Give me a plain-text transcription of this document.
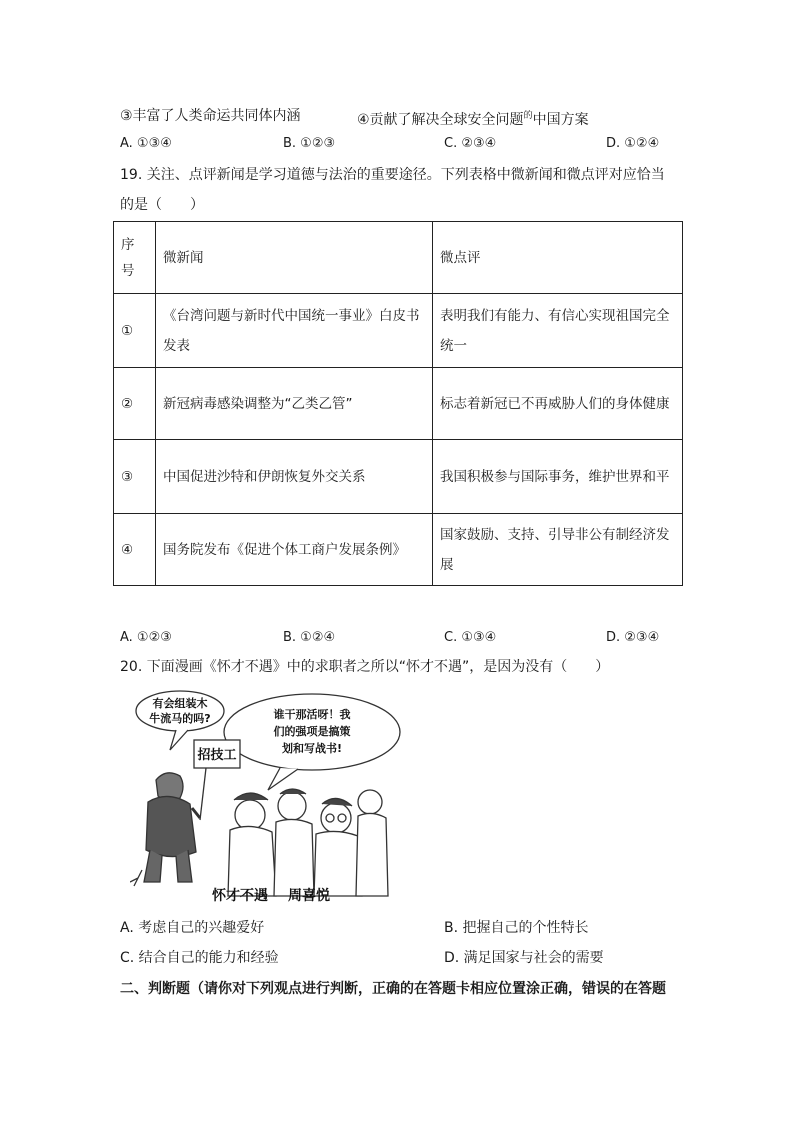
③丰富了人类命运共同体内涵	④贡献了解决全球安全问题$^的$中国方案
A. ①③④	B. ①②③	C. ②③④	D. ①②④
19. 关注、点评新闻是学习道德与法治的重要途径。下列表格中微新闻和微点评对应恰当
的是（　　）
序号	微新闻	微点评
①	《台湾问题与新时代中国统一事业》白皮书发表	表明我们有能力、有信心实现祖国完全统一
②	新冠病毒感染调整为“乙类乙管”	标志着新冠已不再威胁人们的身体健康
③	中国促进沙特和伊朗恢复外交关系	我国积极参与国际事务，维护世界和平
④	国务院发布《促进个体工商户发展条例》	国家鼓励、支持、引导非公有制经济发展
A. ①②③	B. ①②④	C. ①③④	D. ②③④
20. 下面漫画《怀才不遇》中的求职者之所以“怀才不遇”，是因为没有（　　）
有会组装木
牛流马的吗?
招技工
谁干那活呀！我
们的强项是搞策
划和写战书!
怀才不遇 周喜悦
A. 考虑自己的兴趣爱好	B. 把握自己的个性特长
C. 结合自己的能力和经验	D. 满足国家与社会的需要
二、判断题（请你对下列观点进行判断，正确的在答题卡相应位置涂正确，错误的在答题
